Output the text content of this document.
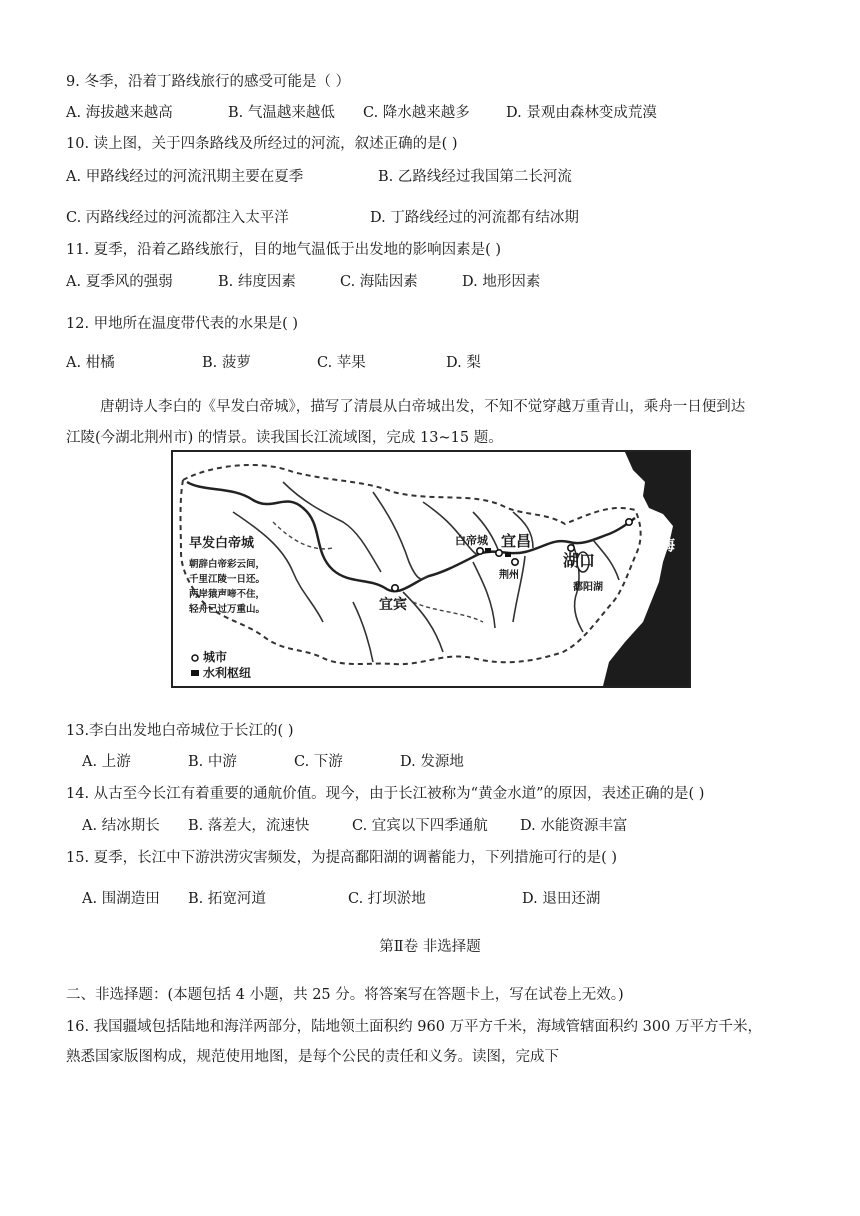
9. 冬季，沿着丁路线旅行的感受可能是（ ）
A. 海拔越来越高	B. 气温越来越低 C. 降水越来越多 D. 景观由森林变成荒漠
10. 读上图，关于四条路线及所经过的河流，叙述正确的是( )
A. 甲路线经过的河流汛期主要在夏季	B. 乙路线经过我国第二长河流
C. 丙路线经过的河流都注入太平洋	D. 丁路线经过的河流都有结冰期
11. 夏季，沿着乙路线旅行，目的地气温低于出发地的影响因素是( )
A. 夏季风的强弱	B. 纬度因素	C. 海陆因素	D. 地形因素
12. 甲地所在温度带代表的水果是( )
A. 柑橘	B. 菠萝	C. 苹果	D. 梨
唐朝诗人李白的《早发白帝城》，描写了清晨从白帝城出发，不知不觉穿越万重青山，乘舟一日便到达
江陵(今湖北荆州市) 的情景。读我国长江流域图，完成 13~15 题。
早发白帝城
朝辞白帝彩云间，
千里江陵一日还。
两岸猿声啼不住，
轻舟已过万重山。
城市
水利枢纽
白帝城 宜昌
荆州
宜宾
湖口
鄱阳湖
上海
13.李白出发地白帝城位于长江的( )
A. 上游	B. 中游	C. 下游	D. 发源地
14. 从古至今长江有着重要的通航价值。现今，由于长江被称为“黄金水道”的原因，表述正确的是( )
A. 结冰期长 B. 落差大，流速快	C. 宜宾以下四季通航 D. 水能资源丰富
15. 夏季，长江中下游洪涝灾害频发，为提高鄱阳湖的调蓄能力，下列措施可行的是( )
A. 围湖造田 B. 拓宽河道	C. 打坝淤地	D. 退田还湖
第Ⅱ卷 非选择题
二、非选择题：(本题包括 4 小题，共 25 分。将答案写在答题卡上，写在试卷上无效。)
16. 我国疆域包括陆地和海洋两部分，陆地领土面积约 960 万平方千米，海域管辖面积约 300 万平方千米，
熟悉国家版图构成，规范使用地图，是每个公民的责任和义务。读图，完成下
